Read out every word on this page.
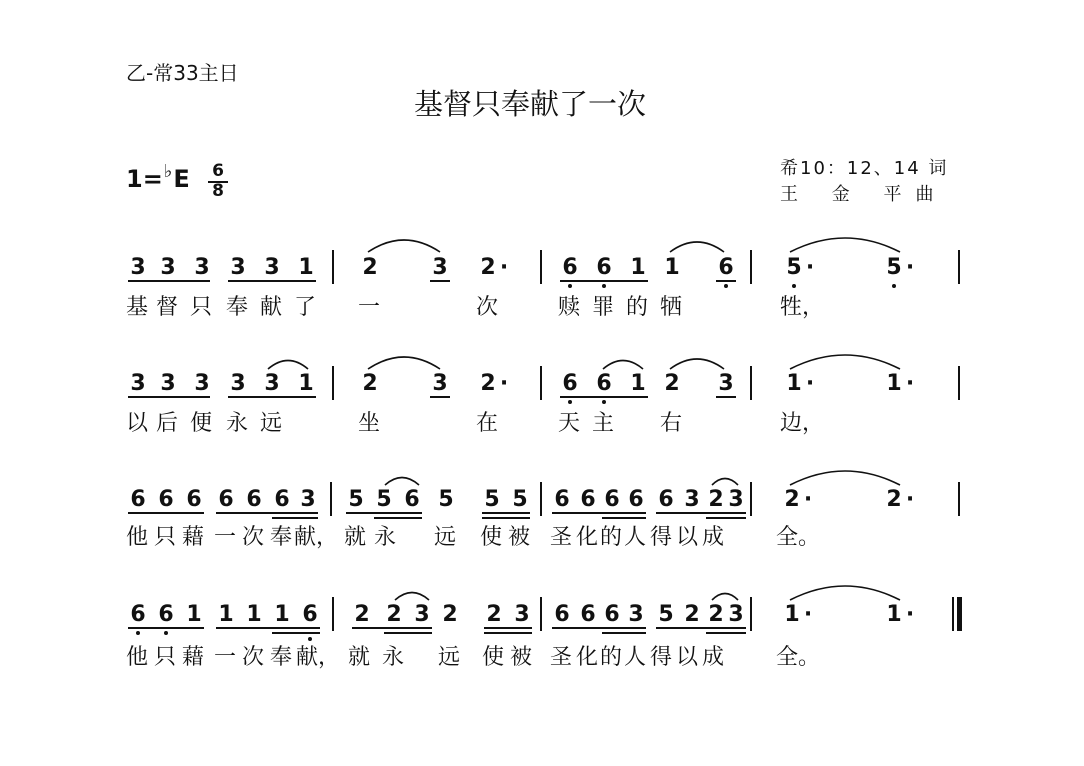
乙-常33主日
基督只奉献了一次
1=♭E 6
8
希10：12、14 词
王 金 平曲
3 3 3 3 3 1 2 3 2 · 6 6 1 1 6 5 ·	5 ·
基 督 只 奉 献 了 一	次	赎 罪 的 牺	牲，
3 3 3 3 3 1 2 3 2 · 6 6 1 2 3 1 ·	1 ·
以 后 便 永 远	坐	在	天 主 右	边，
6 6 6 6 6 6 3 5 5 6 5 5 5 6 6 6 6 6 3 2 3 2 ·	2 ·
他 只 藉 一 次 奉 献， 就 永 远 使 被 圣 化 的 人 得 以 成 全。
6 6 1 1 1 1 6 2 2 3 2 2 3 6 6 6 3 5 2 2 3 1 ·	1 ·
他 只 藉 一 次 奉 献， 就 永 远 使 被 圣 化 的 人 得 以 成 全。
